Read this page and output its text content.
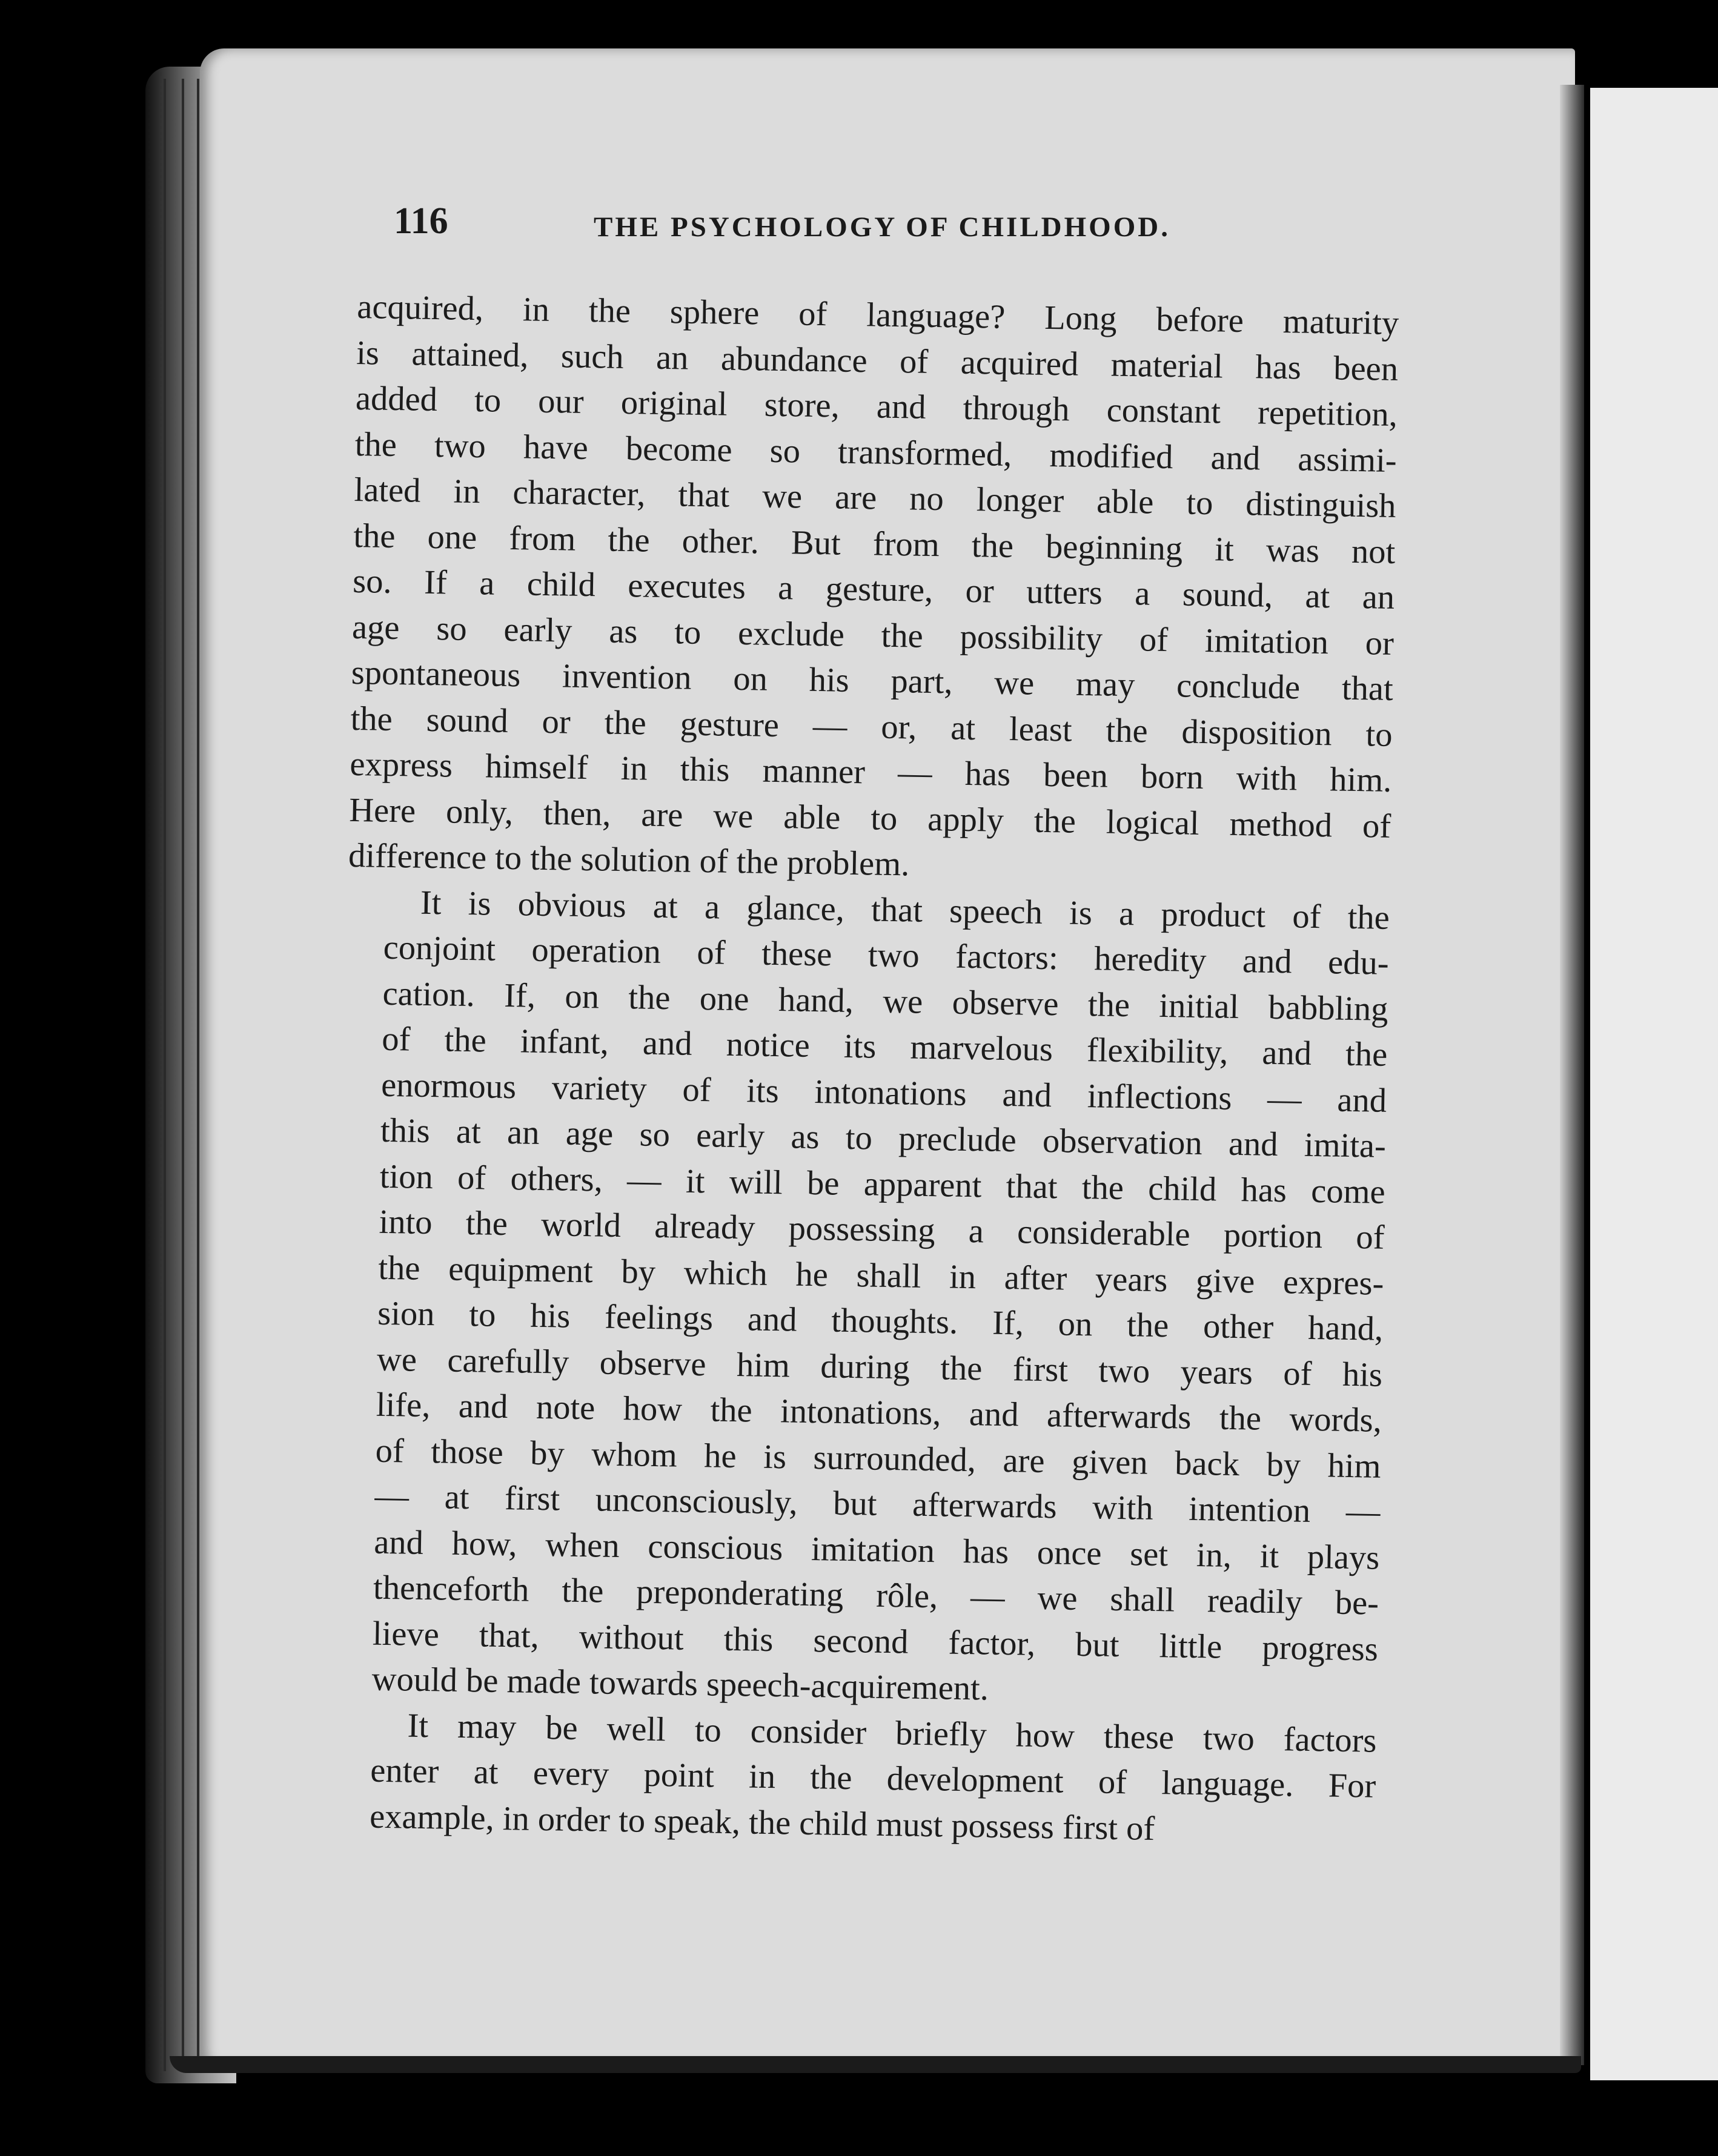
116	THE PSYCHOLOGY OF CHILDHOOD.
acquired, in the sphere of language? Long before maturity
is attained, such an abundance of acquired material has been
added to our original store, and through constant repetition,
the two have become so transformed, modified and assimi-
lated in character, that we are no longer able to distinguish
the one from the other. But from the beginning it was not
so. If a child executes a gesture, or utters a sound, at an
age so early as to exclude the possibility of imitation or
spontaneous invention on his part, we may conclude that
the sound or the gesture — or, at least the disposition to
express himself in this manner — has been born with him.
Here only, then, are we able to apply the logical method of
difference to the solution of the problem.
It is obvious at a glance, that speech is a product of the
conjoint operation of these two factors: heredity and edu-
cation. If, on the one hand, we observe the initial babbling
of the infant, and notice its marvelous flexibility, and the
enormous variety of its intonations and inflections — and
this at an age so early as to preclude observation and imita-
tion of others, — it will be apparent that the child has come
into the world already possessing a considerable portion of
the equipment by which he shall in after years give expres-
sion to his feelings and thoughts. If, on the other hand,
we carefully observe him during the first two years of his
life, and note how the intonations, and afterwards the words,
of those by whom he is surrounded, are given back by him
— at first unconsciously, but afterwards with intention —
and how, when conscious imitation has once set in, it plays
thenceforth the preponderating rôle, — we shall readily be-
lieve that, without this second factor, but little progress
would be made towards speech-acquirement.
It may be well to consider briefly how these two factors
enter at every point in the development of language. For
example, in order to speak, the child must possess first of
